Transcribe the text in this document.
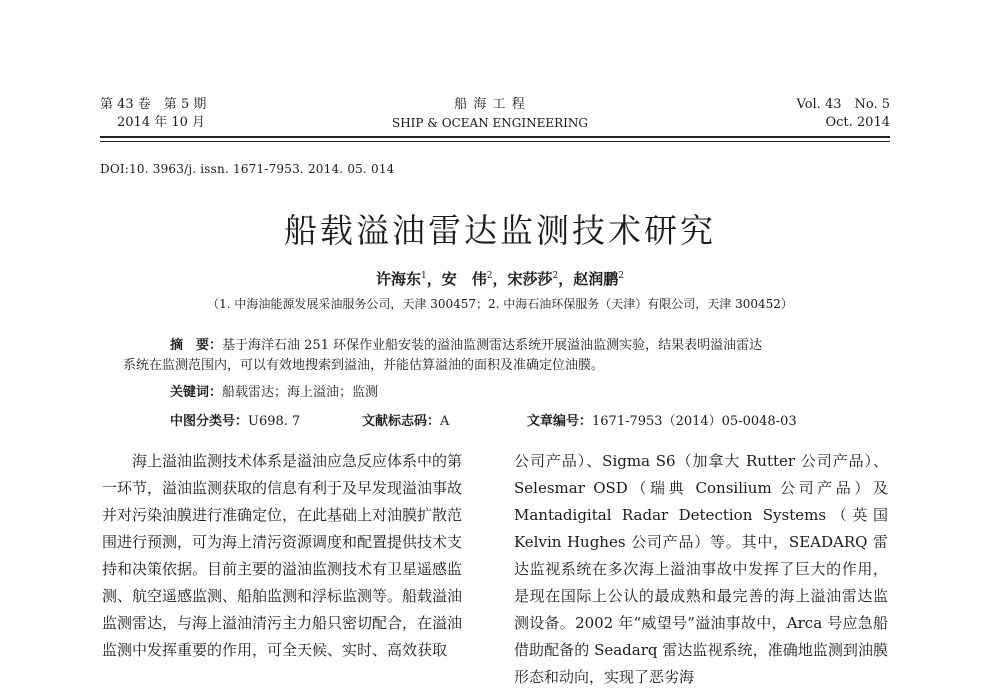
第 43 卷　第 5 期
2014 年 10 月
船 海 工 程
SHIP & OCEAN ENGINEERING
Vol. 43　No. 5
Oct. 2014
DOI:10. 3963/j. issn. 1671-7953. 2014. 05. 014
船载溢油雷达监测技术研究
许海东$^1$，安　伟$^2$，宋莎莎$^2$，赵润鹏$^2$
（1. 中海油能源发展采油服务公司，天津 300457；2. 中海石油环保服务（天津）有限公司，天津 300452）
摘　要：基于海洋石油 251 环保作业船安装的溢油监测雷达系统开展溢油监测实验，结果表明溢油雷达
系统在监测范围内，可以有效地搜索到溢油，并能估算溢油的面积及准确定位油膜。
关键词：船载雷达；海上溢油；监测
中图分类号：U698. 7	文献标志码：A	文章编号：1671-7953（2014）05-0048-03

海上溢油监测技术体系是溢油应急反应体系中的第一环节，溢油监测获取的信息有利于及早发现溢油事故并对污染油膜进行准确定位，在此基础上对油膜扩散范围进行预测，可为海上清污资源调度和配置提供技术支持和决策依据。目前主要的溢油监测技术有卫星遥感监测、航空遥感监测、船舶监测和浮标监测等。船载溢油监测雷达，与海上溢油清污主力船只密切配合，在溢油监测中发挥重要的作用，可全天候、实时、高效获取

公司产品）、Sigma S6（加拿大 Rutter 公司产品）、Selesmar OSD（瑞典 Consilium 公司产品）及 Mantadigital Radar Detection Systems（英国 Kelvin Hughes 公司产品）等。其中，SEADARQ 雷达监视系统在多次海上溢油事故中发挥了巨大的作用，是现在国际上公认的最成熟和最完善的海上溢油雷达监测设备。2002 年“威望号”溢油事故中，Arca 号应急船借助配备的 Seadarq 雷达监视系统，准确地监测到油膜形态和动向，实现了恶劣海
